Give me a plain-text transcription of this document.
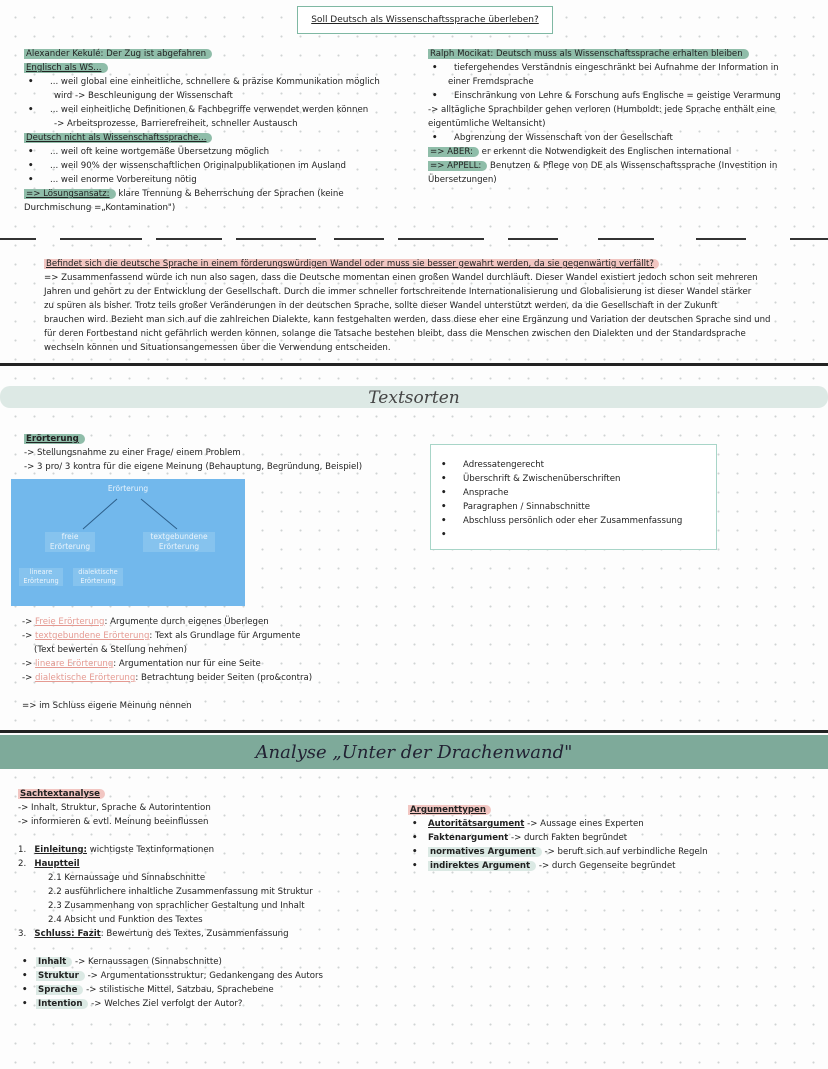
Soll Deutsch als Wissenschaftssprache überleben?
Alexander Kekulé: Der Zug ist abgefahren
Englisch als WS...
• ... weil global eine einheitliche, schnellere & präzise Kommunikation möglich
wird -> Beschleunigung der Wissenschaft
• ... weil einheitliche Definitionen & Fachbegriffe verwendet werden können
-> Arbeitsprozesse, Barrierefreiheit, schneller Austausch
Deutsch nicht als Wissenschaftssprache...
• ... weil oft keine wortgemäße Übersetzung möglich
• ... weil 90% der wissenschaftlichen Originalpublikationen im Ausland
• ... weil enorme Vorbereitung nötig
=> Lösungsansatz: klare Trennung & Beherrschung der Sprachen (keine
Durchmischung =„Kontamination")
Ralph Mocikat: Deutsch muss als Wissenschaftssprache erhalten bleiben
• tiefergehendes Verständnis eingeschränkt bei Aufnahme der Information in
einer Fremdsprache
• Einschränkung von Lehre & Forschung aufs Englische = geistige Verarmung
-> alltägliche Sprachbilder gehen verloren (Humboldt: jede Sprache enthält eine
eigentümliche Weltansicht)
• Abgrenzung der Wissenschaft von der Gesellschaft
=> ABER: er erkennt die Notwendigkeit des Englischen international
=> APPELL: Benutzen & Pflege von DE als Wissenschaftssprache (Investition in
Übersetzungen)
Befindet sich die deutsche Sprache in einem förderungswürdigen Wandel oder muss sie besser gewahrt werden, da sie gegenwärtig verfällt?
=> Zusammenfassend würde ich nun also sagen, dass die Deutsche momentan einen großen Wandel durchläuft. Dieser Wandel existiert jedoch schon seit mehreren
Jahren und gehört zu der Entwicklung der Gesellschaft. Durch die immer schneller fortschreitende Internationalisierung und Globalisierung ist dieser Wandel stärker
zu spüren als bisher. Trotz teils großer Veränderungen in der deutschen Sprache, sollte dieser Wandel unterstützt werden, da die Gesellschaft in der Zukunft
brauchen wird. Bezieht man sich auf die zahlreichen Dialekte, kann festgehalten werden, dass diese eher eine Ergänzung und Variation der deutschen Sprache sind und
für deren Fortbestand nicht gefährlich werden können, solange die Tatsache bestehen bleibt, dass die Menschen zwischen den Dialekten und der Standardsprache
wechseln können und Situationsangemessen über die Verwendung entscheiden.
Textsorten
Erörterung
-> Stellungsnahme zu einer Frage/ einem Problem
-> 3 pro/ 3 kontra für die eigene Meinung (Behauptung, Begründung, Beispiel)
Erörterung
freie
Erörterung
textgebundene
Erörterung
lineare
Erörterung
dialektische
Erörterung
• Adressatengerecht
• Überschrift & Zwischenüberschriften
• Ansprache
• Paragraphen / Sinnabschnitte
• Abschluss persönlich oder eher Zusammenfassung
•
-> Freie Erörterung: Argumente durch eigenes Überlegen
-> textgebundene Erörterung: Text als Grundlage für Argumente
(Text bewerten & Stellung nehmen)
-> lineare Erörterung: Argumentation nur für eine Seite
-> dialektische Erörterung: Betrachtung beider Seiten (pro&contra)
=> im Schluss eigene Meinung nennen
Analyse „Unter der Drachenwand"
Sachtextanalyse
-> Inhalt, Struktur, Sprache & Autorintention
-> informieren & evtl. Meinung beeinflussen
1.   Einleitung: wichtigste Textinformationen
2.   Hauptteil
2.1 Kernaussage und Sinnabschnitte
2.2 ausführlichere inhaltliche Zusammenfassung mit Struktur
2.3 Zusammenhang von sprachlicher Gestaltung und Inhalt
2.4 Absicht und Funktion des Textes
3.   Schluss: Fazit: Bewertung des Textes, Zusammenfassung
• Inhalt -> Kernaussagen (Sinnabschnitte)
• Struktur -> Argumentationsstruktur; Gedankengang des Autors
• Sprache -> stilistische Mittel, Satzbau, Sprachebene
• Intention -> Welches Ziel verfolgt der Autor?
Argumenttypen
• Autoritätsargument -> Aussage eines Experten
• Faktenargument -> durch Fakten begründet
• normatives Argument -> beruft sich auf verbindliche Regeln
• indirektes Argument -> durch Gegenseite begründet
